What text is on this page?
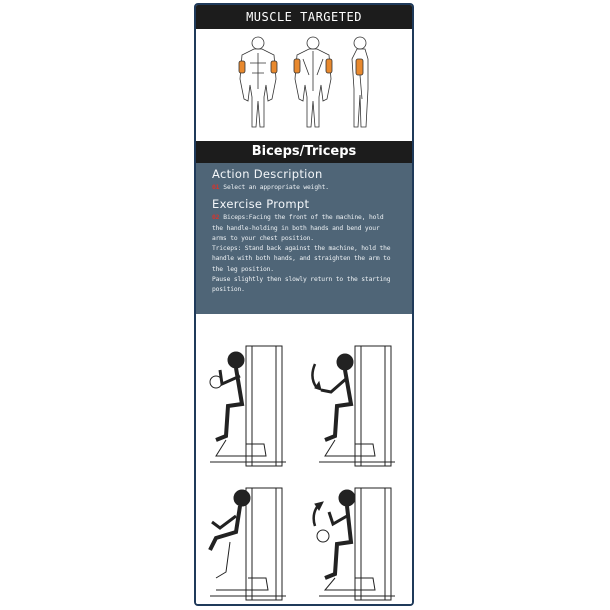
MUSCLE TARGETED
Biceps/Triceps
Action Description
01 Select an appropriate weight.
Exercise Prompt
02 Biceps:Facing the front of the machine, hold
the handle-holding in both hands and bend your
arms to your chest position.
Triceps: Stand back against the machine, hold the
handle with both hands, and straighten the arm to
the leg position.
Pause slightly then slowly return to the starting
position.
